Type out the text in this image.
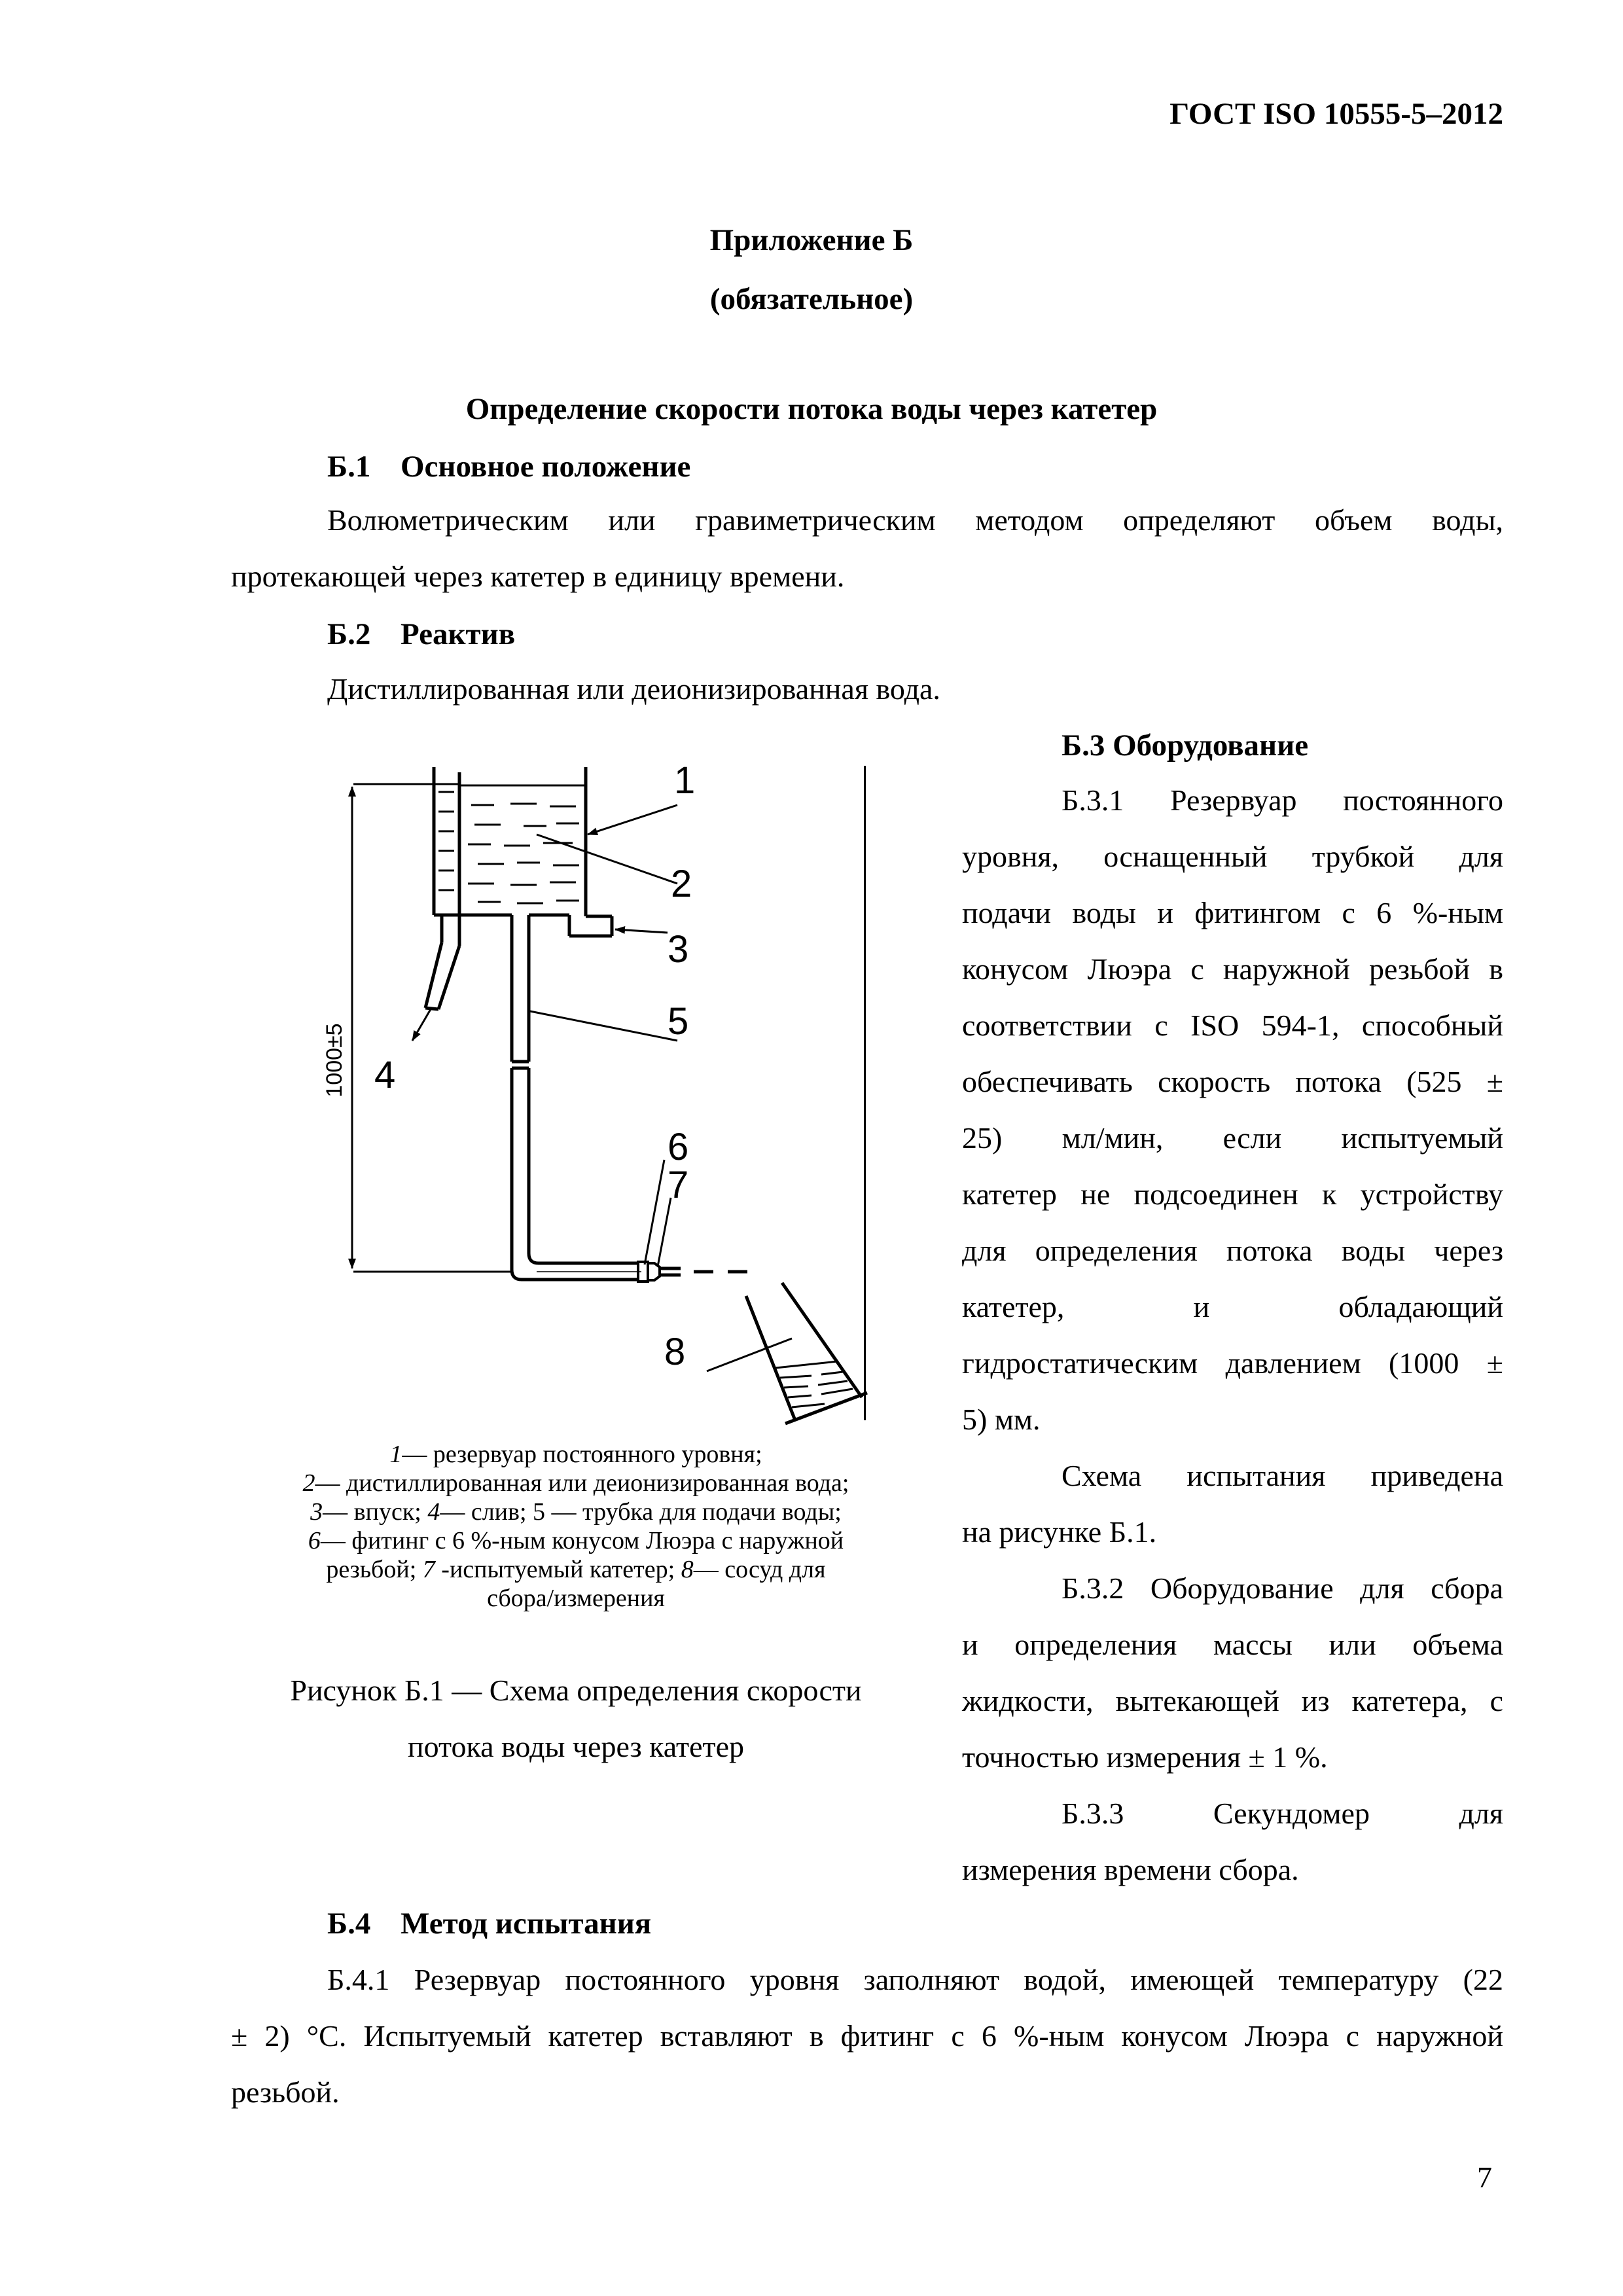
ГОСТ ISO 10555-5–2012
Приложение Б
(обязательное)
Определение скорости потока воды через катетер
Б.1 Основное положение
Волюметрическим или гравиметрическим методом определяют объем воды,
протекающей через катетер в единицу времени.
Б.2 Реактив
Дистиллированная или деионизированная вода.
Б.3 Оборудование
Б.3.1 Резервуар постоянного
уровня, оснащенный трубкой для
подачи воды и фитингом с 6 %-ным
конусом Люэра с наружной резьбой в
соответствии с ISO 594-1, способный
обеспечивать скорость потока (525 ±
25) мл/мин, если испытуемый
катетер не подсоединен к устройству
для определения потока воды через
катетер, и обладающий
гидростатическим давлением (1000 ±
5) мм.
Схема испытания приведена
на рисунке Б.1.
Б.3.2 Оборудование для сбора
и определения массы или объема
жидкости, вытекающей из катетера, с
точностью измерения ± 1 %.
Б.3.3 Секундомер для
измерения времени сбора.
1000±5
1
2
3
4
5
6
7
8
1— резервуар постоянного уровня;
2— дистиллированная или деионизированная вода;
3— впуск; 4— слив; 5 — трубка для подачи воды;
6— фитинг с 6 %-ным конусом Люэра с наружной
резьбой; 7 -испытуемый катетер; 8— сосуд для
сбора/измерения
Рисунок Б.1 — Схема определения скорости
потока воды через катетер
Б.4 Метод испытания
Б.4.1 Резервуар постоянного уровня заполняют водой, имеющей температуру (22
± 2) °С. Испытуемый катетер вставляют в фитинг с 6 %-ным конусом Люэра с наружной
резьбой.
7
